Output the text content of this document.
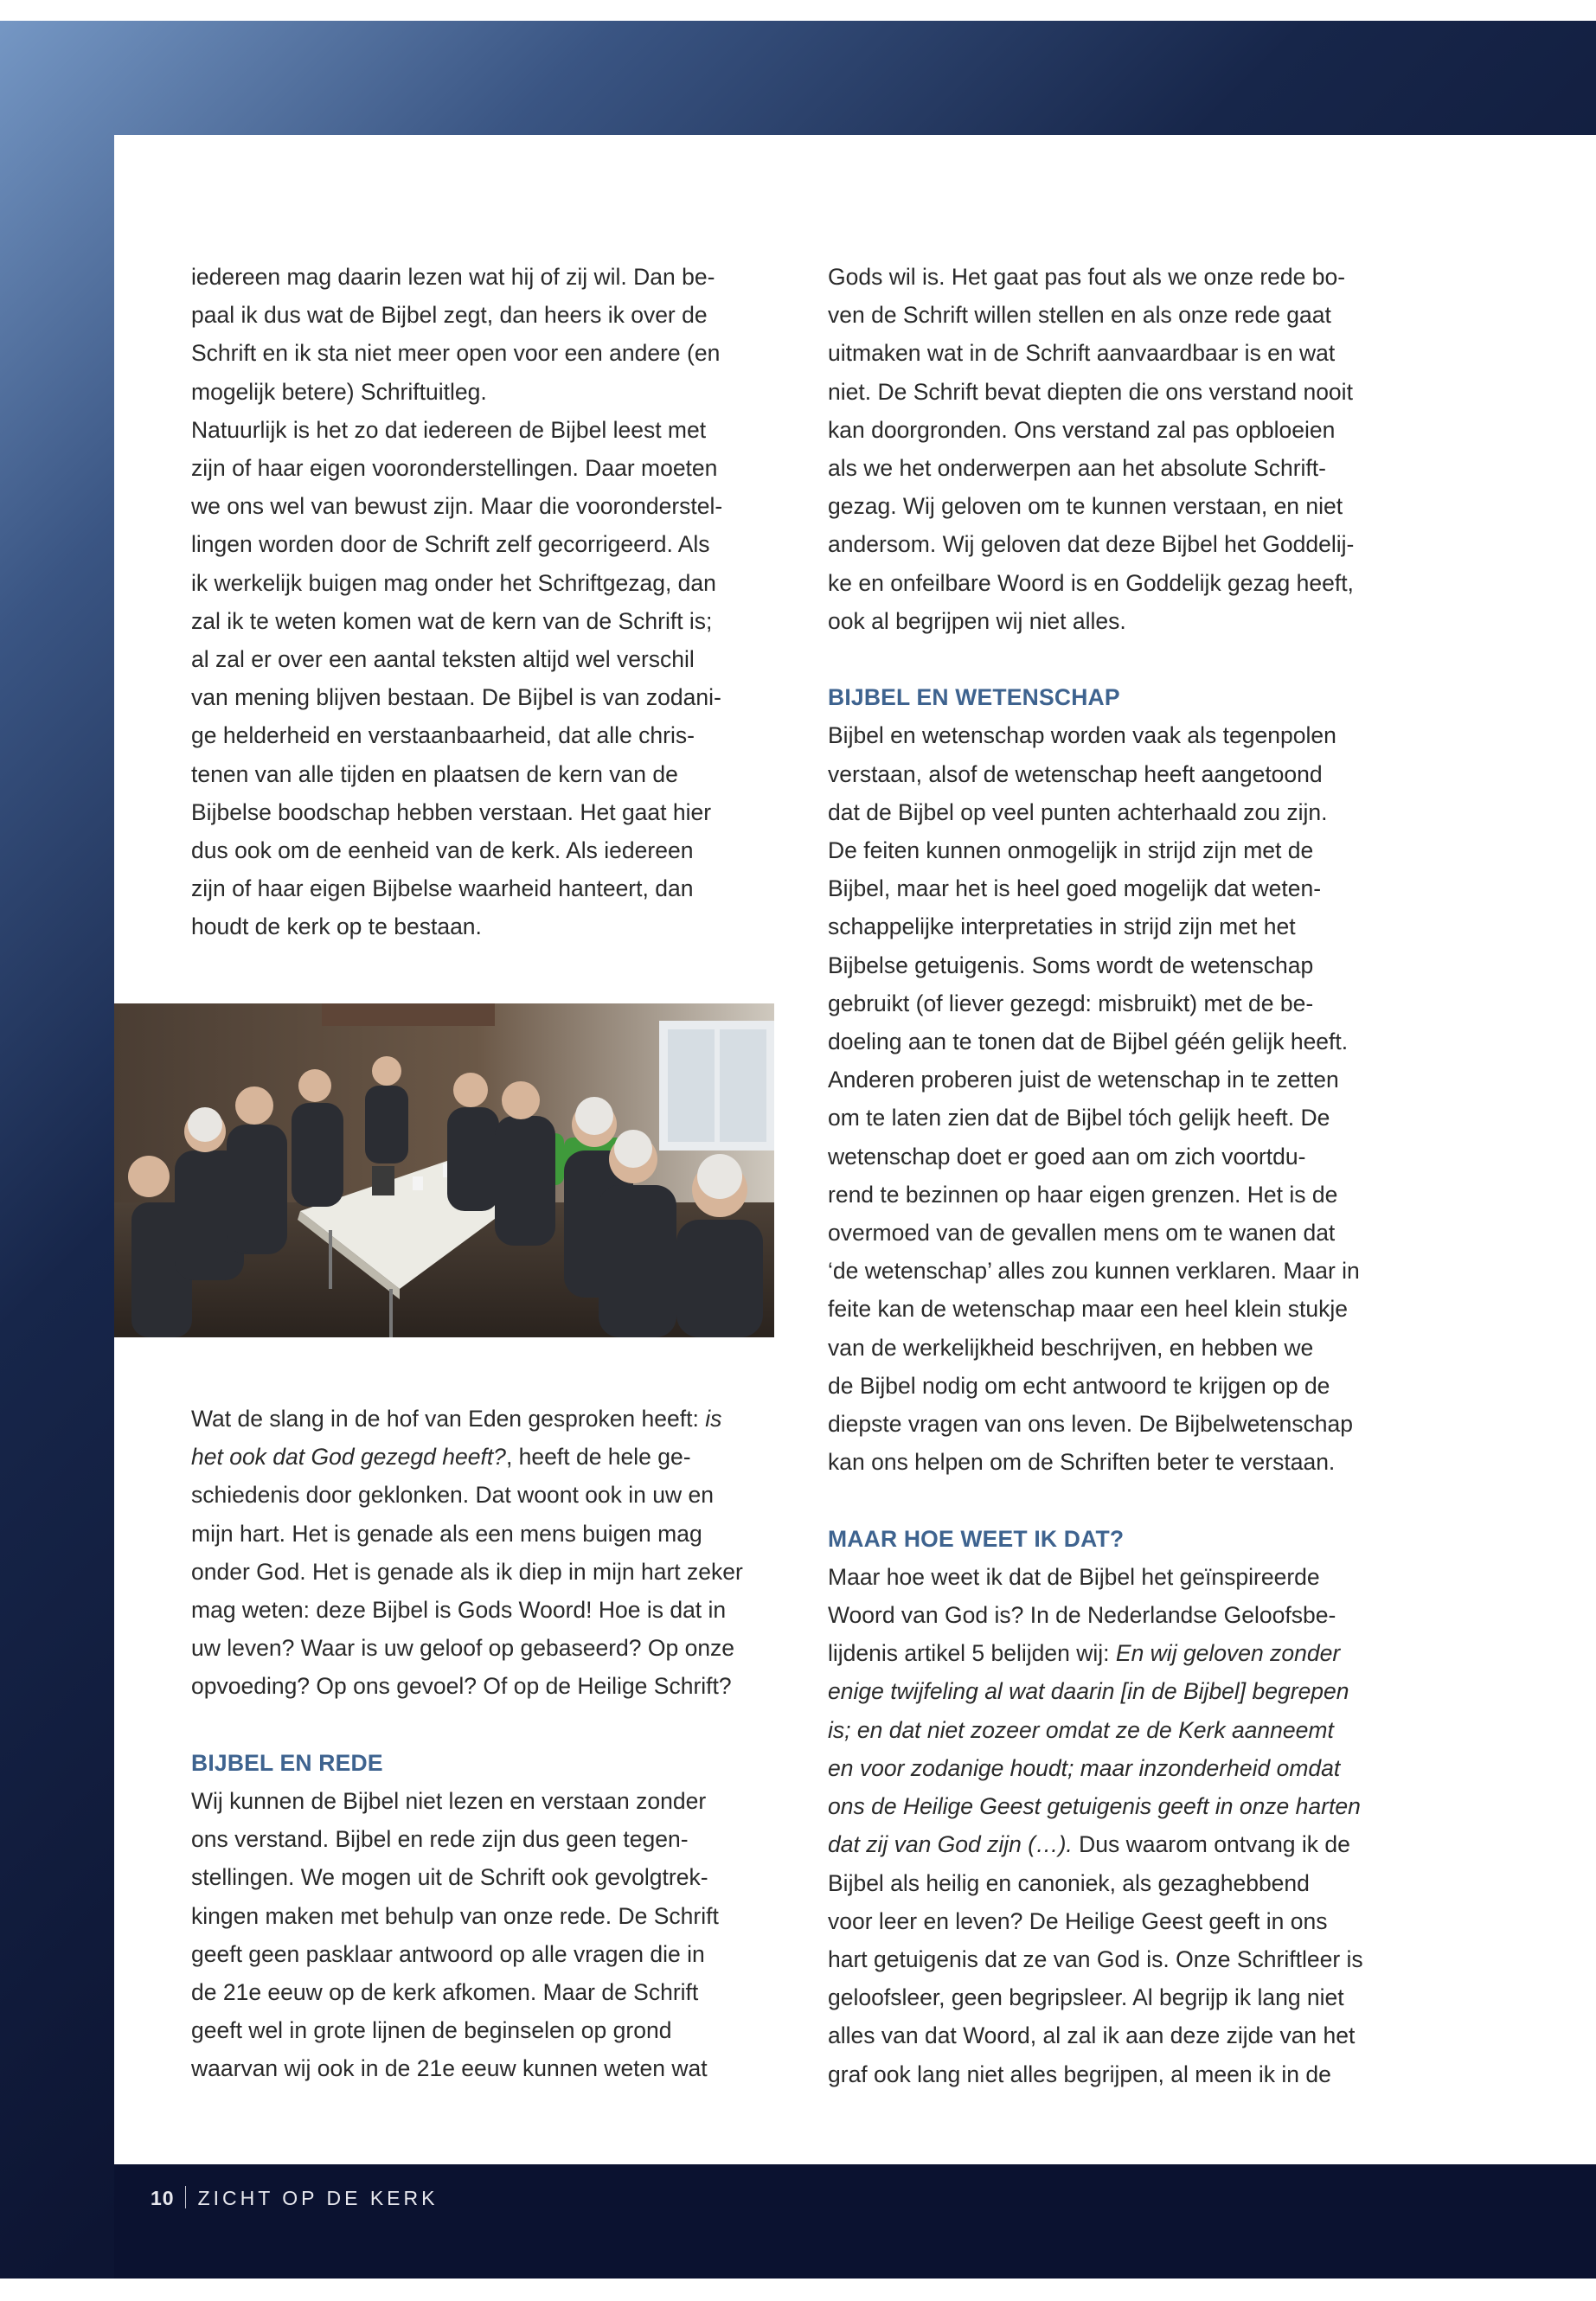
iedereen mag daarin lezen wat hij of zij wil. Dan be-
paal ik dus wat de Bijbel zegt, dan heers ik over de
Schrift en ik sta niet meer open voor een andere (en
mogelijk betere) Schriftuitleg.
Natuurlijk is het zo dat iedereen de Bijbel leest met
zijn of haar eigen vooronderstellingen. Daar moeten
we ons wel van bewust zijn. Maar die vooronderstel-
lingen worden door de Schrift zelf gecorrigeerd. Als
ik werkelijk buigen mag onder het Schriftgezag, dan
zal ik te weten komen wat de kern van de Schrift is;
al zal er over een aantal teksten altijd wel verschil
van mening blijven bestaan. De Bijbel is van zodani-
ge helderheid en verstaanbaarheid, dat alle chris-
tenen van alle tijden en plaatsen de kern van de
Bijbelse boodschap hebben verstaan. Het gaat hier
dus ook om de eenheid van de kerk. Als iedereen
zijn of haar eigen Bijbelse waarheid hanteert, dan
houdt de kerk op te bestaan.

Wat de slang in de hof van Eden gesproken heeft: is
het ook dat God gezegd heeft?, heeft de hele ge-
schiedenis door geklonken. Dat woont ook in uw en
mijn hart. Het is genade als een mens buigen mag
onder God. Het is genade als ik diep in mijn hart zeker
mag weten: deze Bijbel is Gods Woord! Hoe is dat in
uw leven? Waar is uw geloof op gebaseerd? Op onze
opvoeding? Op ons gevoel? Of op de Heilige Schrift?

BIJBEL EN REDE

Wij kunnen de Bijbel niet lezen en verstaan zonder
ons verstand. Bijbel en rede zijn dus geen tegen-
stellingen. We mogen uit de Schrift ook gevolgtrek-
kingen maken met behulp van onze rede. De Schrift
geeft geen pasklaar antwoord op alle vragen die in
de 21e eeuw op de kerk afkomen. Maar de Schrift
geeft wel in grote lijnen de beginselen op grond
waarvan wij ook in de 21e eeuw kunnen weten wat

Gods wil is. Het gaat pas fout als we onze rede bo-
ven de Schrift willen stellen en als onze rede gaat
uitmaken wat in de Schrift aanvaardbaar is en wat
niet. De Schrift bevat diepten die ons verstand nooit
kan doorgronden. Ons verstand zal pas opbloeien
als we het onderwerpen aan het absolute Schrift-
gezag. Wij geloven om te kunnen verstaan, en niet
andersom. Wij geloven dat deze Bijbel het Goddelij-
ke en onfeilbare Woord is en Goddelijk gezag heeft,
ook al begrijpen wij niet alles.

BIJBEL EN WETENSCHAP

Bijbel en wetenschap worden vaak als tegenpolen
verstaan, alsof de wetenschap heeft aangetoond
dat de Bijbel op veel punten achterhaald zou zijn.
De feiten kunnen onmogelijk in strijd zijn met de
Bijbel, maar het is heel goed mogelijk dat weten-
schappelijke interpretaties in strijd zijn met het
Bijbelse getuigenis. Soms wordt de wetenschap
gebruikt (of liever gezegd: misbruikt) met de be-
doeling aan te tonen dat de Bijbel géén gelijk heeft.
Anderen proberen juist de wetenschap in te zetten
om te laten zien dat de Bijbel tóch gelijk heeft. De
wetenschap doet er goed aan om zich voortdu-
rend te bezinnen op haar eigen grenzen. Het is de
overmoed van de gevallen mens om te wanen dat
‘de wetenschap’ alles zou kunnen verklaren. Maar in
feite kan de wetenschap maar een heel klein stukje
van de werkelijkheid beschrijven, en hebben we
de Bijbel nodig om echt antwoord te krijgen op de
diepste vragen van ons leven. De Bijbelwetenschap
kan ons helpen om de Schriften beter te verstaan.

MAAR HOE WEET IK DAT?

Maar hoe weet ik dat de Bijbel het geïnspireerde
Woord van God is? In de Nederlandse Geloofsbe-
lijdenis artikel 5 belijden wij: En wij geloven zonder
enige twijfeling al wat daarin [in de Bijbel] begrepen
is; en dat niet zozeer omdat ze de Kerk aanneemt
en voor zodanige houdt; maar inzonderheid omdat
ons de Heilige Geest getuigenis geeft in onze harten
dat zij van God zijn (…). Dus waarom ontvang ik de
Bijbel als heilig en canoniek, als gezaghebbend
voor leer en leven? De Heilige Geest geeft in ons
hart getuigenis dat ze van God is. Onze Schriftleer is
geloofsleer, geen begripsleer. Al begrijp ik lang niet
alles van dat Woord, al zal ik aan deze zijde van het
graf ook lang niet alles begrijpen, al meen ik in de

10 ZICHT OP DE KERK
